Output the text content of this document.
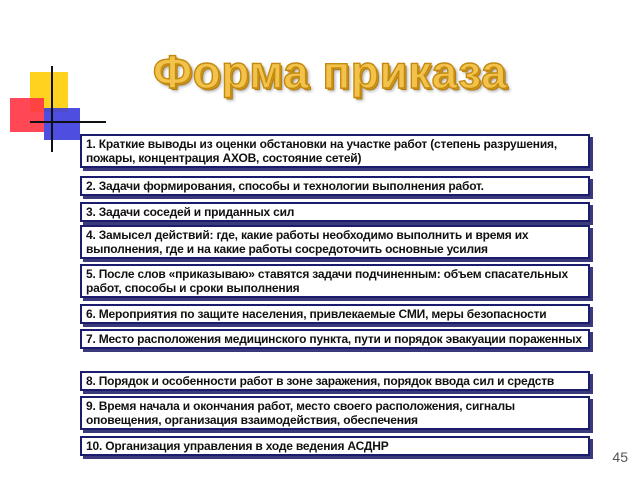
Форма приказа
1. Краткие выводы из оценки обстановки на участке работ (степень разрушения,
пожары, концентрация АХОВ, состояние сетей)
2. Задачи формирования, способы и технологии выполнения работ.
3. Задачи соседей и приданных сил
4. Замысел действий: где, какие работы необходимо выполнить и время их
выполнения, где и на какие работы сосредоточить основные усилия
5. После слов «приказываю» ставятся задачи подчиненным: объем спасательных
работ, способы и сроки выполнения
6. Мероприятия по защите населения, привлекаемые СМИ, меры безопасности
7. Место расположения медицинского пункта, пути и порядок эвакуации пораженных
8. Порядок и особенности работ в зоне заражения, порядок ввода сил и средств
9. Время начала и окончания работ, место своего расположения, сигналы
оповещения, организация взаимодействия, обеспечения
10. Организация управления в ходе ведения АСДНР
45
